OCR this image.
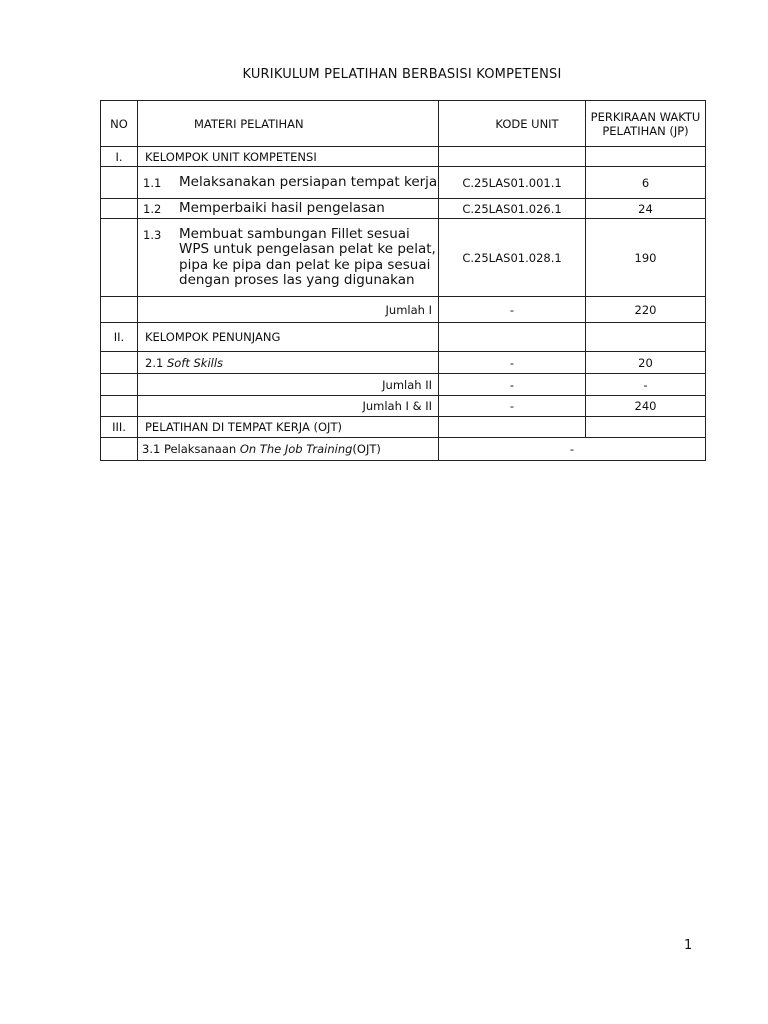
KURIKULUM PELATIHAN BERBASISI KOMPETENSI
NO	MATERI PELATIHAN	KODE UNIT	PERKIRAAN WAKTU PELATIHAN (JP)
I.	KELOMPOK UNIT KOMPETENSI		

	1.1 Melaksanakan persiapan tempat kerja	C.25LAS01.001.1	6

	1.2 Memperbaiki hasil pengelasan	C.25LAS01.026.1	24

	1.3 Membuat sambungan Fillet sesuai WPS untuk pengelasan pelat ke pelat, pipa ke pipa dan pelat ke pipa sesuai dengan proses las yang digunakan	C.25LAS01.028.1	190
	Jumlah I	-	220
II.	KELOMPOK PENUNJANG		
	2.1 Soft Skills	-	20
	Jumlah II	-	-
	Jumlah I & II	-	240
III.	PELATIHAN DI TEMPAT KERJA (OJT)		
	3.1 Pelaksanaan On The Job Training(OJT)	-	
1
